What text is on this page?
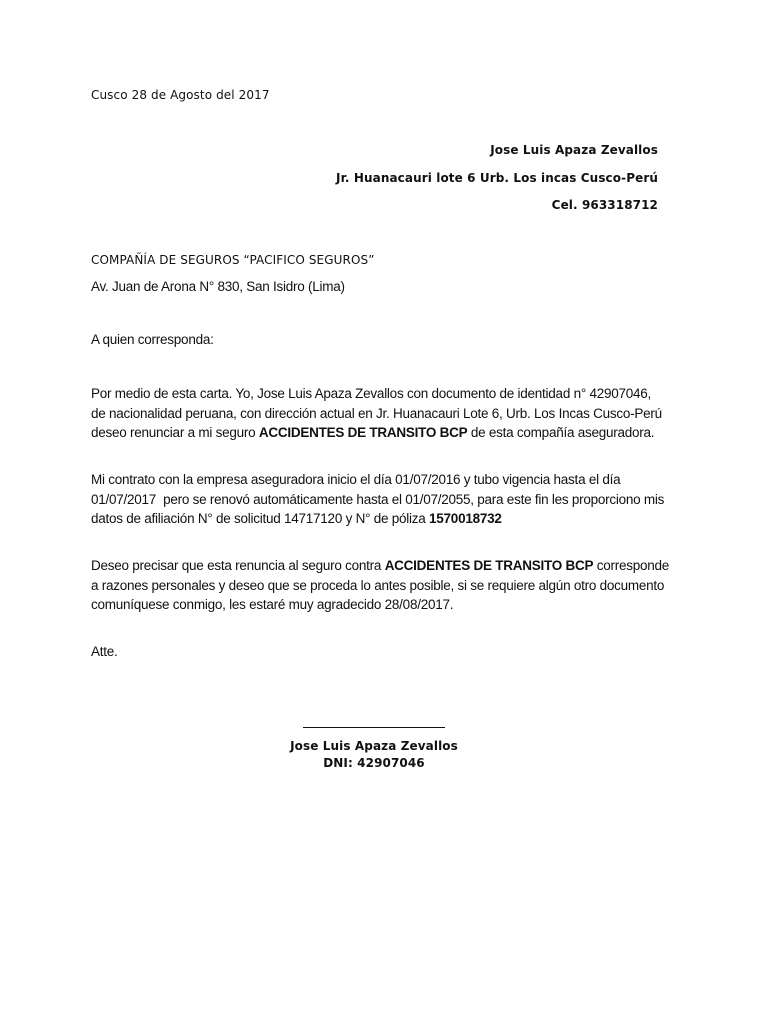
Cusco 28 de Agosto del 2017
Jose Luis Apaza Zevallos
Jr. Huanacauri lote 6 Urb. Los incas Cusco-Perú
Cel. 963318712
COMPAÑÍA DE SEGUROS “PACIFICO SEGUROS”
Av. Juan de Arona N° 830, San Isidro (Lima)
A quien corresponda:

Por medio de esta carta. Yo, Jose Luis Apaza Zevallos con documento de identidad n° 42907046,

de nacionalidad peruana, con dirección actual en Jr. Huanacauri Lote 6, Urb. Los Incas Cusco-Perú

deseo renunciar a mi seguro ACCIDENTES DE TRANSITO BCP de esta compañía aseguradora.

Mi contrato con la empresa aseguradora inicio el día 01/07/2016 y tubo vigencia hasta el día

01/07/2017  pero se renovó automáticamente hasta el 01/07/2055, para este fin les proporciono mis

datos de afiliación N° de solicitud 14717120 y N° de póliza 1570018732

Deseo precisar que esta renuncia al seguro contra ACCIDENTES DE TRANSITO BCP corresponde

a razones personales y deseo que se proceda lo antes posible, si se requiere algún otro documento

comuníquese conmigo, les estaré muy agradecido 28/08/2017.

Atte.
Jose Luis Apaza Zevallos
DNI: 42907046
